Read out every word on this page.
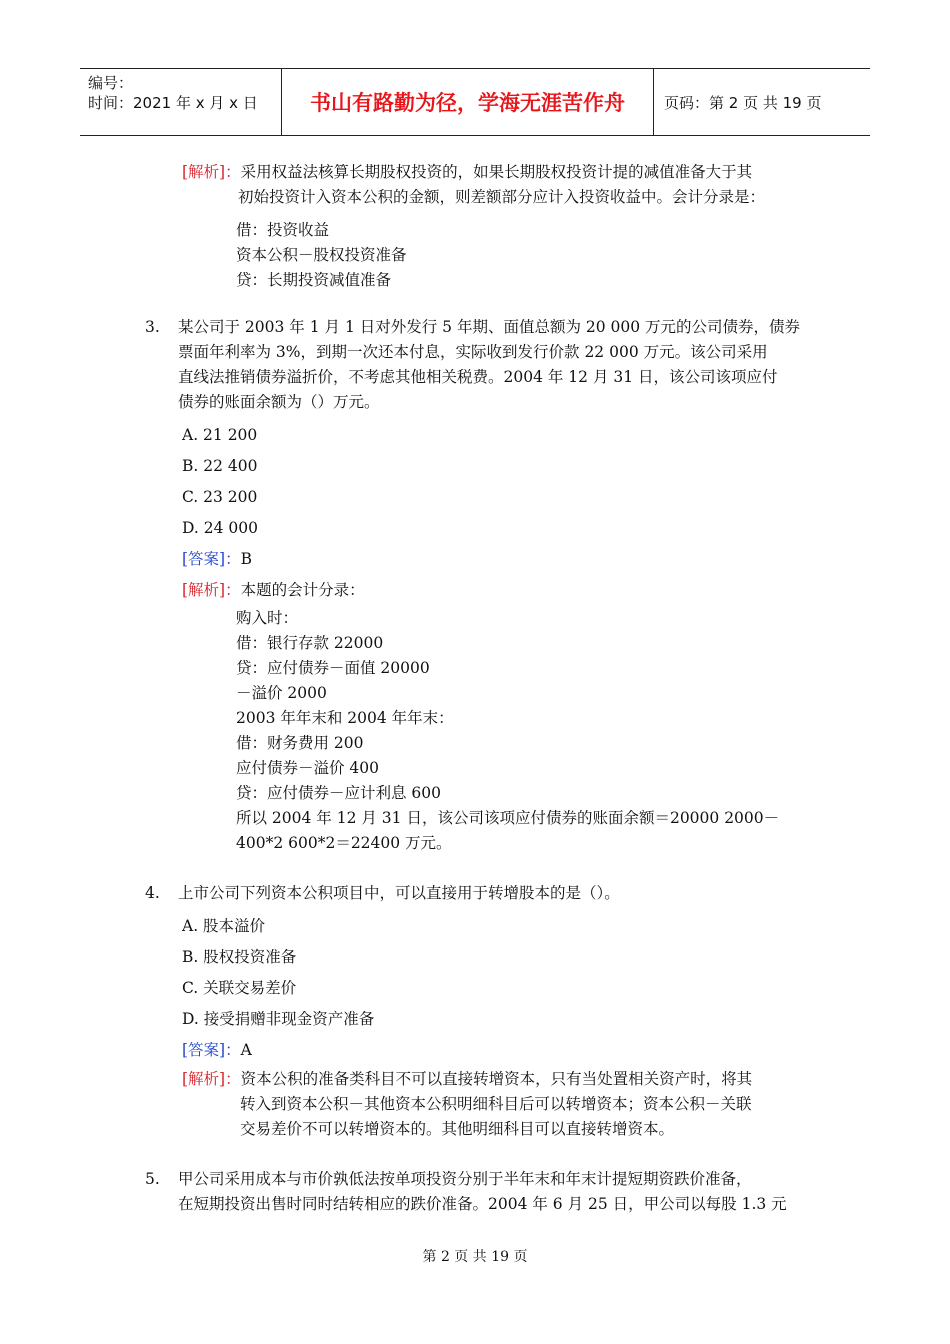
编号：
时间：2021 年 x 月 x 日	书山有路勤为径，学海无涯苦作舟	页码：第 2 页 共 19 页
[解析]：采用权益法核算长期股权投资的，如果长期股权投资计提的减值准备大于其
初始投资计入资本公积的金额，则差额部分应计入投资收益中。会计分录是：
借：投资收益
资本公积－股权投资准备
贷：长期投资减值准备
3. 某公司于 2003 年 1 月 1 日对外发行 5 年期、面值总额为 20 000 万元的公司债券，债券
票面年利率为 3%，到期一次还本付息，实际收到发行价款 22 000 万元。该公司采用
直线法推销债券溢折价，不考虑其他相关税费。2004 年 12 月 31 日，该公司该项应付
债券的账面余额为（）万元。
A. 21 200
B. 22 400
C. 23 200
D. 24 000
[答案]：B
[解析]：本题的会计分录：
购入时：
借：银行存款 22000
贷：应付债券－面值 20000
－溢价 2000
2003 年年末和 2004 年年末：
借：财务费用 200
应付债券－溢价 400
贷：应付债券－应计利息 600
所以 2004 年 12 月 31 日，该公司该项应付债券的账面余额＝20000 2000－
400*2 600*2＝22400 万元。
4.	上市公司下列资本公积项目中，可以直接用于转增股本的是（）。
A. 股本溢价
B. 股权投资准备
C. 关联交易差价
D. 接受捐赠非现金资产准备
[答案]：A
[解析]：资本公积的准备类科目不可以直接转增资本，只有当处置相关资产时，将其
转入到资本公积－其他资本公积明细科目后可以转增资本；资本公积－关联
交易差价不可以转增资本的。其他明细科目可以直接转增资本。
5. 甲公司采用成本与市价孰低法按单项投资分别于半年末和年末计提短期资跌价准备，
在短期投资出售时同时结转相应的跌价准备。2004 年 6 月 25 日，甲公司以每股 1.3 元
第 2 页 共 19 页
